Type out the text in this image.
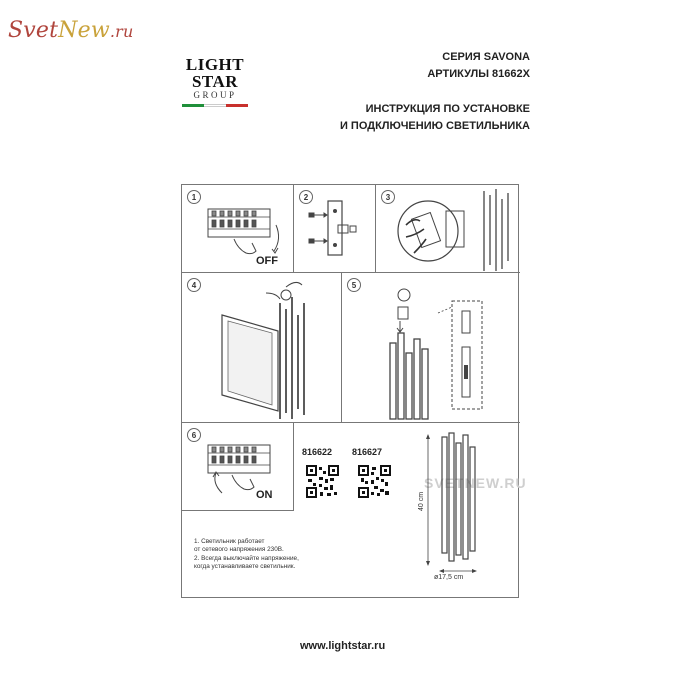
SvetNew.ru
LIGHT
STAR
GROUP
СЕРИЯ SAVONA
АРТИКУЛЫ 81662X
ИНСТРУКЦИЯ ПО УСТАНОВКЕ
И ПОДКЛЮЧЕНИЮ СВЕТИЛЬНИКА
1
OFF
2	3
4	5
SVETNEW.RU
6
ON
816622 816627
40 cm
ø17,5 cm
1. Светильник работает
от сетевого напряжения 230В.
2. Всегда выключайте напряжение,
когда устанавливаете светильник.
www.lightstar.ru
